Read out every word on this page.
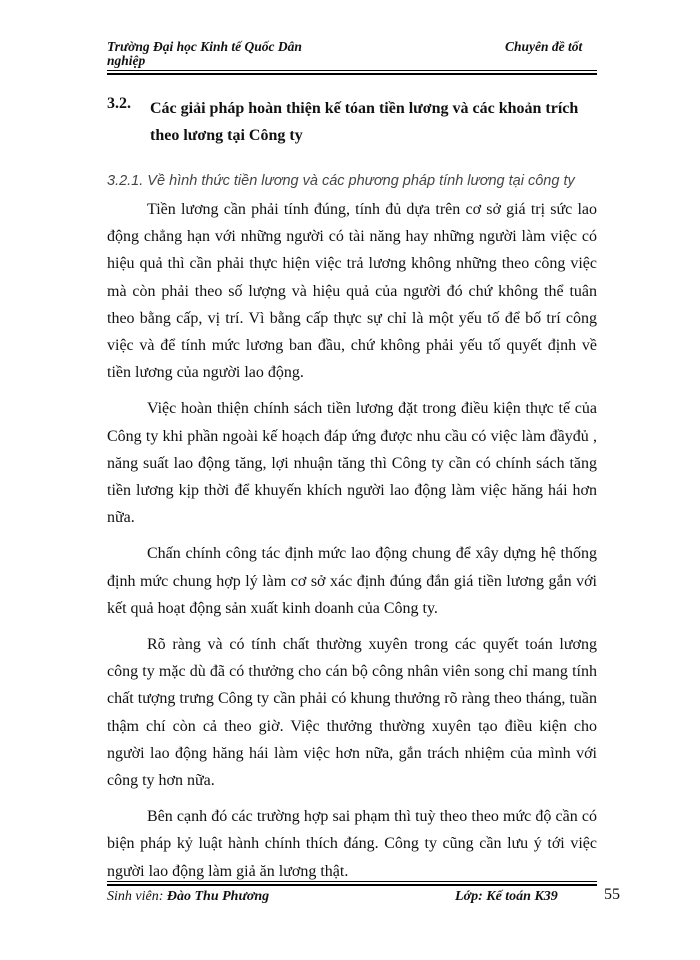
Trường Đại học Kinh tế Quốc Dân nghiệp
Chuyên đề tốt
3.2. Các giải pháp hoàn thiện kế tóan tiền lương và các khoản trích theo lương tại Công ty
3.2.1. Về hình thức tiền lương và các phương pháp tính lương tại công ty

Tiền lương cần phải tính đúng, tính đủ dựa trên cơ sở giá trị sức lao động chẳng hạn với những người có tài năng hay những người làm việc có hiệu quả thì cần phải thực hiện việc trả lương không những theo công việc mà còn phải theo số lượng và hiệu quả của người đó chứ không thể tuân theo bằng cấp, vị trí. Vì bằng cấp thực sự chỉ là một yếu tố để bố trí công việc và để tính mức lương ban đầu, chứ không phải yếu tố quyết định về tiền lương của người lao động.

Việc hoàn thiện chính sách tiền lương đặt trong điều kiện thực tế của Công ty khi phần ngoài kế hoạch đáp ứng được nhu cầu có việc làm đầyđủ , năng suất lao động tăng, lợi nhuận tăng thì Công ty cần có chính sách tăng tiền lương kịp thời để khuyến khích người lao động làm việc hăng hái hơn nữa.

Chấn chính công tác định mức lao động chung để xây dựng hệ thống định mức chung hợp lý làm cơ sở xác định đúng đắn giá tiền lương gắn với kết quả hoạt động sản xuất kinh doanh của Công ty.

Rõ ràng và có tính chất thường xuyên trong các quyết toán lương công ty mặc dù đã có thưởng cho cán bộ công nhân viên song chỉ mang tính chất tượng trưng Công ty cần phải có khung thưởng rõ ràng theo tháng, tuần thậm chí còn cả theo giờ. Việc thưởng thường xuyên tạo điều kiện cho người lao động hăng hái làm việc hơn nữa, gắn trách nhiệm của mình với công ty hơn nữa.

Bên cạnh đó các trường hợp sai phạm thì tuỳ theo theo mức độ cần có biện pháp kỷ luật hành chính thích đáng. Công ty cũng cần lưu ý tới việc người lao động làm giả ăn lương thật.

Sinh viên: Đào Thu Phương	Lớp: Kế toán K39	55
